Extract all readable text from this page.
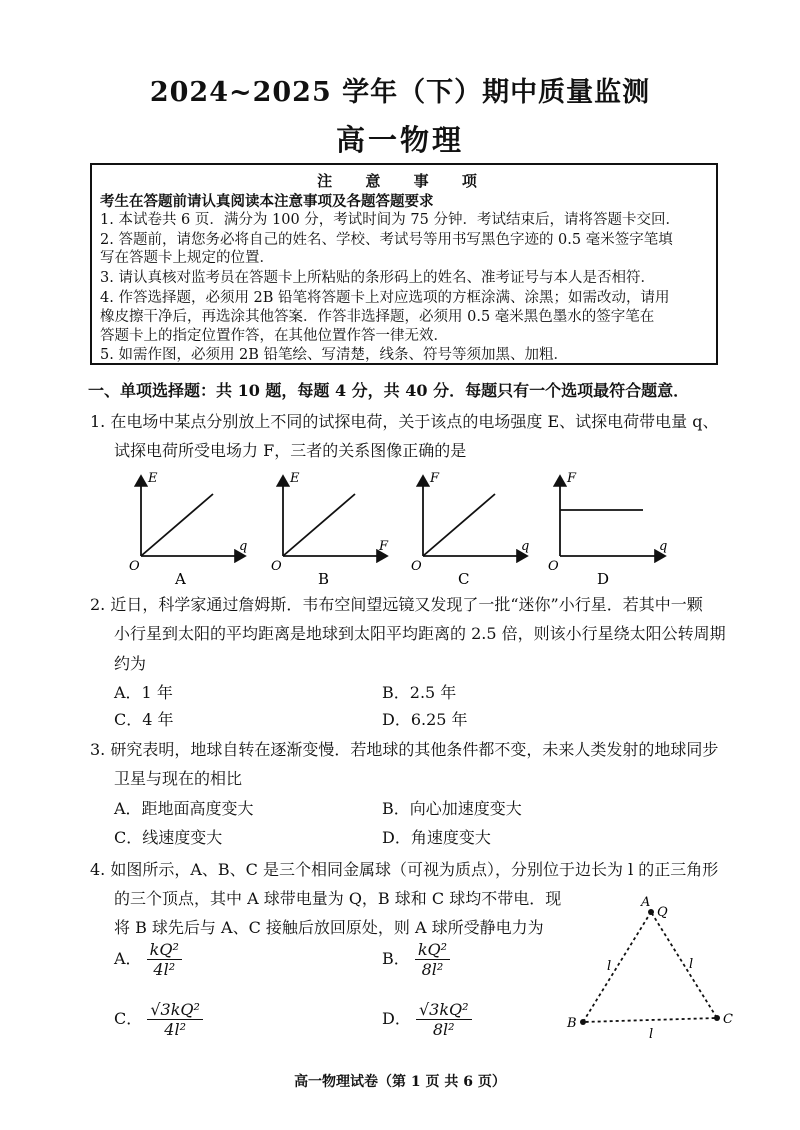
2024~2025 学年（下）期中质量监测
高一物理
注 意 事 项
考生在答题前请认真阅读本注意事项及各题答题要求
1. 本试卷共 6 页．满分为 100 分，考试时间为 75 分钟．考试结束后，请将答题卡交回．
2. 答题前，请您务必将自己的姓名、学校、考试号等用书写黑色字迹的 0.5 毫米签字笔填
写在答题卡上规定的位置．
3. 请认真核对监考员在答题卡上所粘贴的条形码上的姓名、准考证号与本人是否相符．
4. 作答选择题，必须用 2B 铅笔将答题卡上对应选项的方框涂满、涂黑；如需改动，请用
橡皮擦干净后，再选涂其他答案．作答非选择题，必须用 0.5 毫米黑色墨水的签字笔在
答题卡上的指定位置作答，在其他位置作答一律无效．
5. 如需作图，必须用 2B 铅笔绘、写清楚，线条、符号等须加黑、加粗．
一、单项选择题：共 10 题，每题 4 分，共 40 分．每题只有一个选项最符合题意．
1. 在电场中某点分别放上不同的试探电荷，关于该点的电场强度 E、试探电荷带电量 q、
试探电荷所受电场力 F，三者的关系图像正确的是
E
q
O
A
E
F
O
B
F
q
O
C
F
q
O
D
2. 近日，科学家通过詹姆斯．韦布空间望远镜又发现了一批“迷你”小行星．若其中一颗
小行星到太阳的平均距离是地球到太阳平均距离的 2.5 倍，则该小行星绕太阳公转周期
约为
A．1 年	B．2.5 年
C．4 年	D．6.25 年
3. 研究表明，地球自转在逐渐变慢．若地球的其他条件都不变，未来人类发射的地球同步
卫星与现在的相比
A．距地面高度变大	B．向心加速度变大
C．线速度变大	D．角速度变大
4. 如图所示，A、B、C 是三个相同金属球（可视为质点），分别位于边长为 l 的正三角形
的三个顶点，其中 A 球带电量为 Q，B 球和 C 球均不带电．现
将 B 球先后与 A、C 接触后放回原处，则 A 球所受静电力为
A． $\frac{\text{kQ²}}{\text{4l²}}$	B． $\frac{\text{kQ²}}{\text{8l²}}$
C． $\frac{\text{√3kQ²}}{\text{4l²}}$	D． $\frac{\text{√3kQ²}}{\text{8l²}}$
A
Q
B	C
l	l
l
高一物理试卷（第 1 页 共 6 页）
